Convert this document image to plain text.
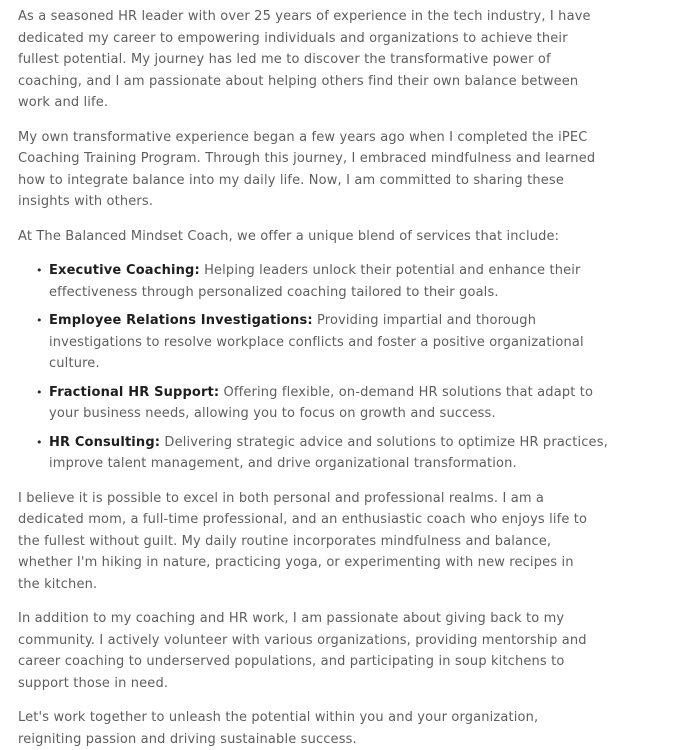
As a seasoned HR leader with over 25 years of experience in the tech industry, I have dedicated my career to empowering individuals and organizations to achieve their fullest potential. My journey has led me to discover the transformative power of coaching, and I am passionate about helping others find their own balance between work and life.

My own transformative experience began a few years ago when I completed the iPEC Coaching Training Program. Through this journey, I embraced mindfulness and learned how to integrate balance into my daily life. Now, I am committed to sharing these insights with others.

At The Balanced Mindset Coach, we offer a unique blend of services that include:

• Executive Coaching: Helping leaders unlock their potential and enhance their effectiveness through personalized coaching tailored to their goals.
• Employee Relations Investigations: Providing impartial and thorough investigations to resolve workplace conflicts and foster a positive organizational culture.
• Fractional HR Support: Offering flexible, on-demand HR solutions that adapt to your business needs, allowing you to focus on growth and success.
• HR Consulting: Delivering strategic advice and solutions to optimize HR practices, improve talent management, and drive organizational transformation.

I believe it is possible to excel in both personal and professional realms. I am a dedicated mom, a full-time professional, and an enthusiastic coach who enjoys life to the fullest without guilt. My daily routine incorporates mindfulness and balance, whether I'm hiking in nature, practicing yoga, or experimenting with new recipes in the kitchen.

In addition to my coaching and HR work, I am passionate about giving back to my community. I actively volunteer with various organizations, providing mentorship and career coaching to underserved populations, and participating in soup kitchens to support those in need.

Let's work together to unleash the potential within you and your organization, reigniting passion and driving sustainable success.
